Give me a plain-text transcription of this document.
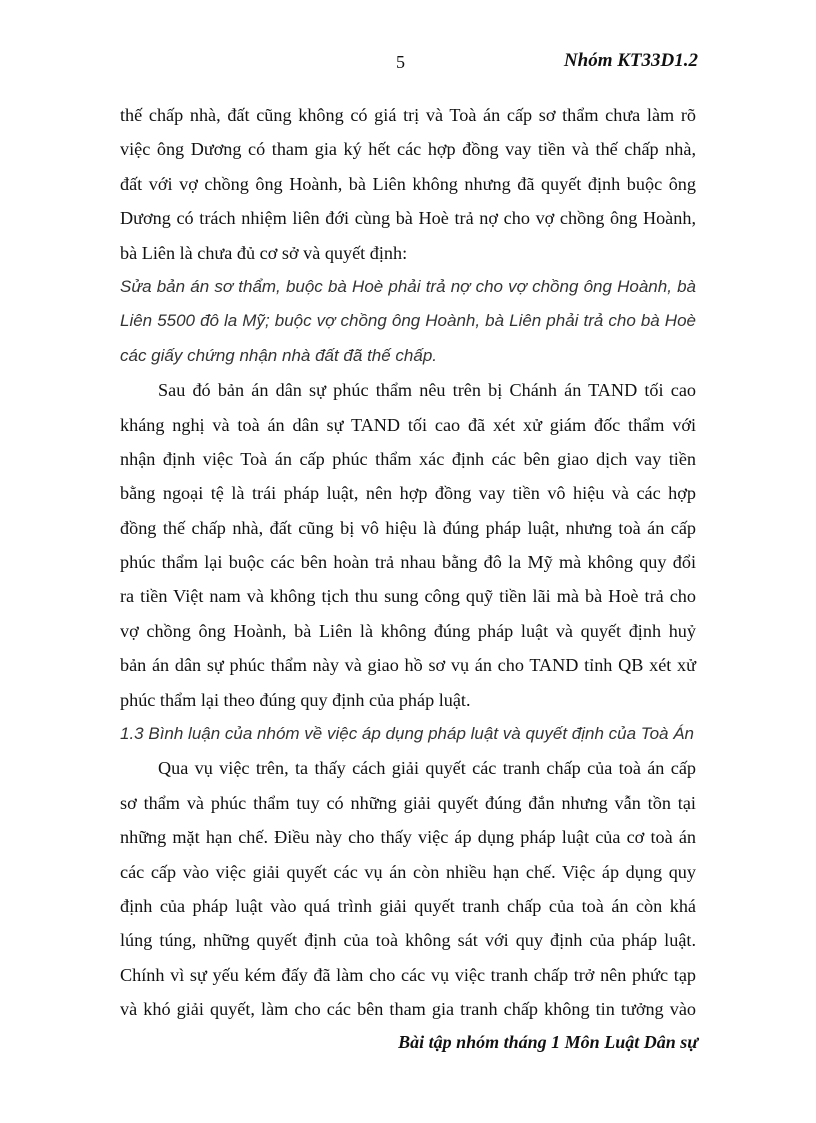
5	Nhóm KT33D1.2
thế chấp nhà, đất cũng không có giá trị và Toà án cấp sơ thẩm chưa làm rõ
việc ông Dương có tham gia ký hết các hợp đồng vay tiền và thế chấp nhà,
đất với vợ chồng ông Hoành, bà Liên không nhưng đã quyết định buộc ông
Dương có trách nhiệm liên đới cùng bà Hoè trả nợ cho vợ chồng ông Hoành,
bà Liên là chưa đủ cơ sở và quyết định:
Sửa bản án sơ thẩm, buộc bà Hoè phải trả nợ cho vợ chồng ông Hoành, bà
Liên 5500 đô la Mỹ; buộc vợ chồng ông Hoành, bà Liên phải trả cho bà Hoè
các giấy chứng nhận nhà đất đã thế chấp.
Sau đó bản án dân sự phúc thẩm nêu trên bị Chánh án TAND tối cao
kháng nghị và toà án dân sự TAND tối cao đã xét xử giám đốc thẩm với
nhận định việc Toà án cấp phúc thẩm xác định các bên giao dịch vay tiền
bằng ngoại tệ là trái pháp luật, nên hợp đồng vay tiền vô hiệu và các hợp
đồng thế chấp nhà, đất cũng bị vô hiệu là đúng pháp luật, nhưng toà án cấp
phúc thẩm lại buộc các bên hoàn trả nhau bằng đô la Mỹ mà không quy đổi
ra tiền Việt nam và không tịch thu sung công quỹ tiền lãi mà bà Hoè trả cho
vợ chồng ông Hoành, bà Liên là không đúng pháp luật và quyết định huỷ
bản án dân sự phúc thẩm này và giao hồ sơ vụ án cho TAND tỉnh QB xét xử
phúc thẩm lại theo đúng quy định của pháp luật.
1.3 Bình luận của nhóm về việc áp dụng pháp luật và quyết định của Toà Án
Qua vụ việc trên, ta thấy cách giải quyết các tranh chấp của toà án cấp
sơ thẩm và phúc thẩm tuy có những giải quyết đúng đắn nhưng vẫn tồn tại
những mặt hạn chế. Điều này cho thấy việc áp dụng pháp luật của cơ toà án
các cấp vào việc giải quyết các vụ án còn nhiều hạn chế. Việc áp dụng quy
định của pháp luật vào quá trình giải quyết tranh chấp của toà án còn khá
lúng túng, những quyết định của toà không sát với quy định của pháp luật.
Chính vì sự yếu kém đấy đã làm cho các vụ việc tranh chấp trở nên phức tạp
và khó giải quyết, làm cho các bên tham gia tranh chấp không tin tưởng vào
Bài tập nhóm tháng 1 Môn Luật Dân sự
